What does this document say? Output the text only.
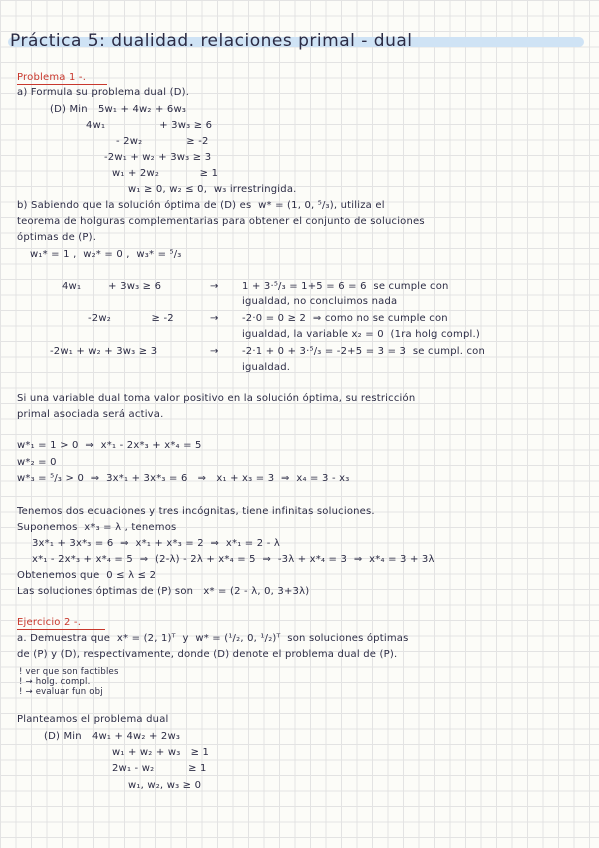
Práctica 5: dualidad. relaciones primal - dual
Problema 1 -.
a) Formula su problema dual (D).
(D) Min   5w₁ + 4w₂ + 6w₃
4w₁                + 3w₃ ≥ 6
- 2w₂             ≥ -2
-2w₁ + w₂ + 3w₃ ≥ 3
w₁ + 2w₂            ≥ 1
w₁ ≥ 0, w₂ ≤ 0,  w₃ irrestringida.
b) Sabiendo que la solución óptima de (D) es  w* = (1, 0, ⁵/₃), utiliza el
teorema de holguras complementarias para obtener el conjunto de soluciones
óptimas de (P).
w₁* = 1 ,  w₂* = 0 ,  w₃* = ⁵/₃
4w₁        + 3w₃ ≥ 6	→ 1 + 3·⁵/₃ = 1+5 = 6 = 6  se cumple con
igualdad, no concluimos nada
-2w₂            ≥ -2	→ -2·0 = 0 ≥ 2  ⇒ como no se cumple con
igualdad, la variable x₂ = 0  (1ra holg compl.)
-2w₁ + w₂ + 3w₃ ≥ 3	→ -2·1 + 0 + 3·⁵/₃ = -2+5 = 3 = 3  se cumpl. con
igualdad.
Si una variable dual toma valor positivo en la solución óptima, su restricción
primal asociada será activa.
w*₁ = 1 > 0  ⇒  x*₁ - 2x*₃ + x*₄ = 5
w*₂ = 0
w*₃ = ⁵/₃ > 0  ⇒  3x*₁ + 3x*₃ = 6   ⇒   x₁ + x₃ = 3  ⇒  x₄ = 3 - x₃
Tenemos dos ecuaciones y tres incógnitas, tiene infinitas soluciones.
Suponemos  x*₃ = λ , tenemos
3x*₁ + 3x*₃ = 6  ⇒  x*₁ + x*₃ = 2  ⇒  x*₁ = 2 - λ
x*₁ - 2x*₃ + x*₄ = 5  ⇒  (2-λ) - 2λ + x*₄ = 5  ⇒  -3λ + x*₄ = 3  ⇒  x*₄ = 3 + 3λ
Obtenemos que  0 ≤ λ ≤ 2
Las soluciones óptimas de (P) son   x* = (2 - λ, 0, 3+3λ)
Ejercicio 2 -.
a. Demuestra que  x* = (2, 1)ᵀ  y  w* = (¹/₂, 0, ¹/₂)ᵀ  son soluciones óptimas
de (P) y (D), respectivamente, donde (D) denote el problema dual de (P).
! ver que son factibles
! → holg. compl.
! → evaluar fun obj
Planteamos el problema dual
(D) Min   4w₁ + 4w₂ + 2w₃
w₁ + w₂ + w₃   ≥ 1
2w₁ - w₂          ≥ 1
w₁, w₂, w₃ ≥ 0
